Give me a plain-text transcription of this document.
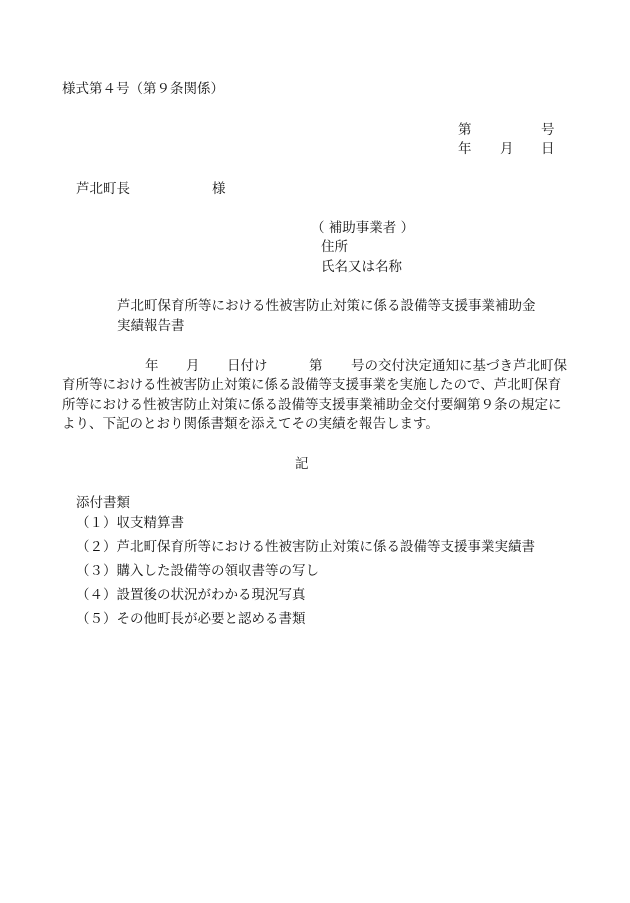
様式第４号（第９条関係）
第	号
年 月 日
芦北町長	様
（ 補助事業者 ）
住所
氏名又は名称
芦北町保育所等における性被害防止対策に係る設備等支援事業補助金
実績報告書
年 月 日付け	第 号の交付決定通知に基づき芦北町保
育所等における性被害防止対策に係る設備等支援事業を実施したので、芦北町保育
所等における性被害防止対策に係る設備等支援事業補助金交付要綱第９条の規定に
より、下記のとおり関係書類を添えてその実績を報告します。
記
添付書類
（１）収支精算書
（２）芦北町保育所等における性被害防止対策に係る設備等支援事業実績書
（３）購入した設備等の領収書等の写し
（４）設置後の状況がわかる現況写真
（５）その他町長が必要と認める書類
